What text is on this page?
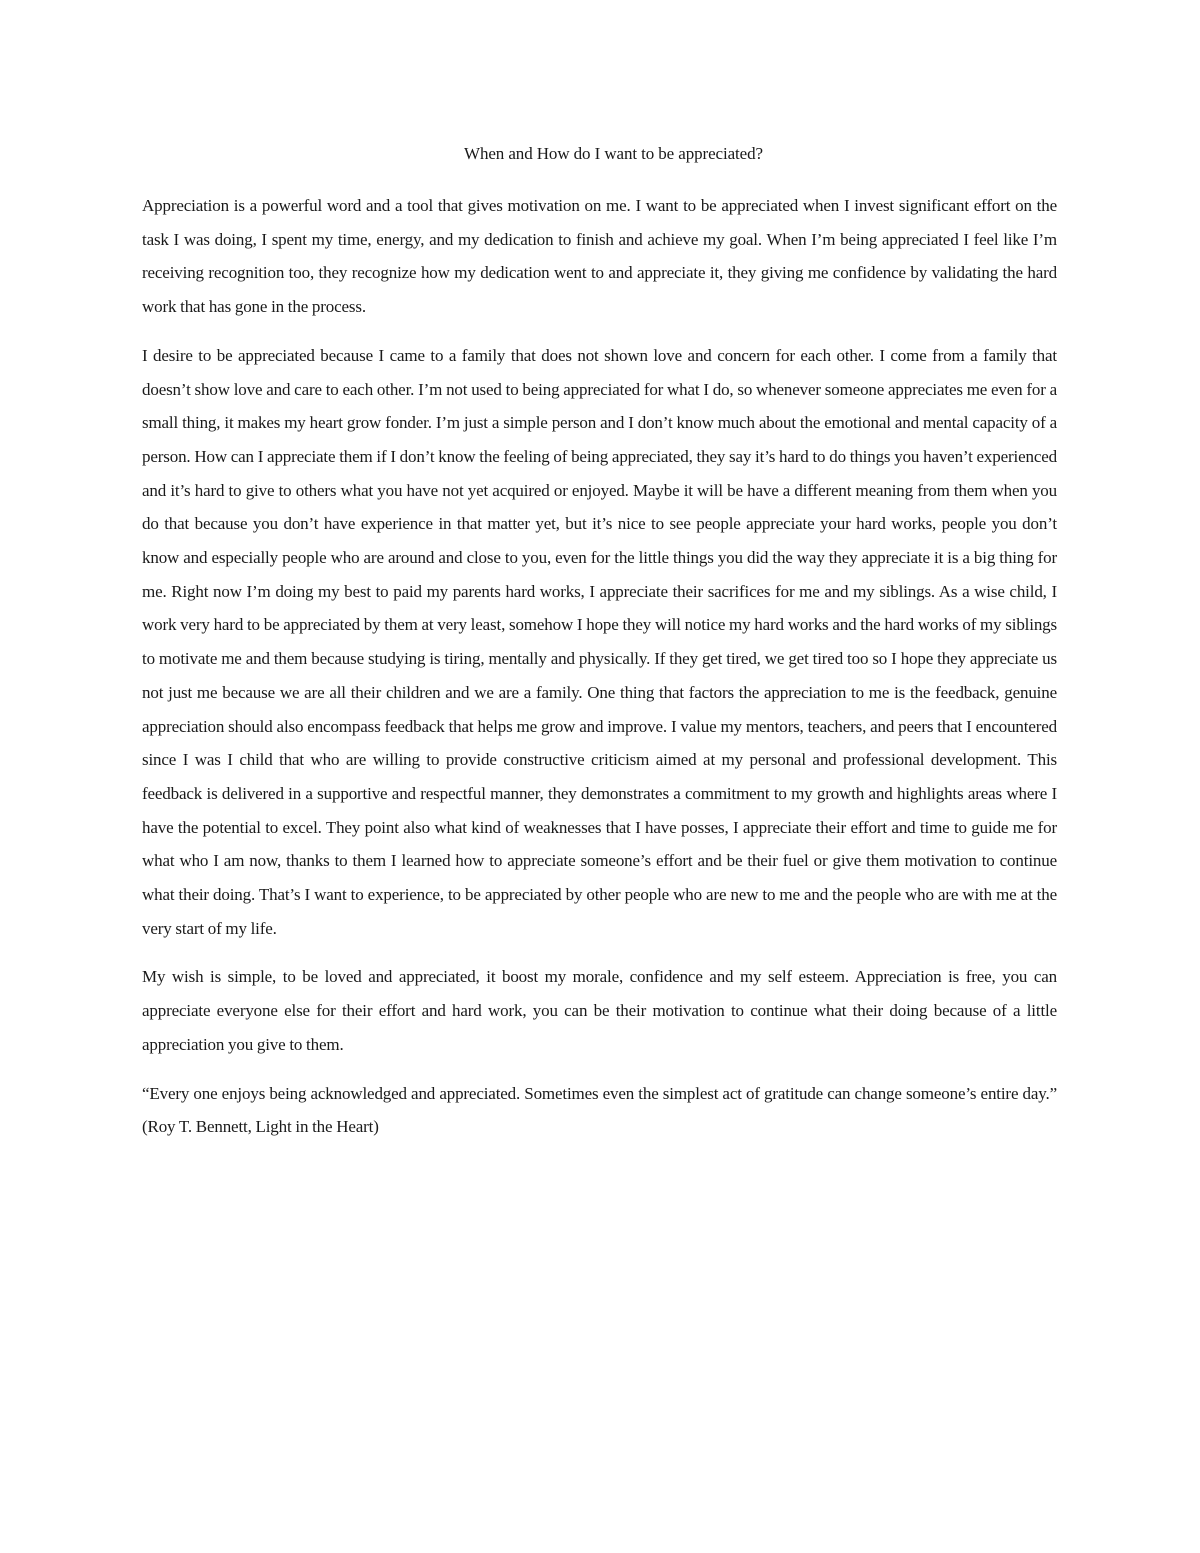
When and How do I want to be appreciated?

Appreciation is a powerful word and a tool that gives motivation on me. I want to be appreciated when I invest significant effort on the task I was doing, I spent my time, energy, and my dedication to finish and achieve my goal. When I’m being appreciated I feel like I’m receiving recognition too, they recognize how my dedication went to and appreciate it, they giving me confidence by validating the hard work that has gone in the process.

I desire to be appreciated because I came to a family that does not shown love and concern for each other. I come from a family that doesn’t show love and care to each other. I’m not used to being appreciated for what I do, so whenever someone appreciates me even for a small thing, it makes my heart grow fonder. I’m just a simple person and I don’t know much about the emotional and mental capacity of a person. How can I appreciate them if I don’t know the feeling of being appreciated, they say it’s hard to do things you haven’t experienced and it’s hard to give to others what you have not yet acquired or enjoyed. Maybe it will be have a different meaning from them when you do that because you don’t have experience in that matter yet, but it’s nice to see people appreciate your hard works, people you don’t know and especially people who are around and close to you, even for the little things you did the way they appreciate it is a big thing for me. Right now I’m doing my best to paid my parents hard works, I appreciate their sacrifices for me and my siblings. As a wise child, I work very hard to be appreciated by them at very least, somehow I hope they will notice my hard works and the hard works of my siblings to motivate me and them because studying is tiring, mentally and physically. If they get tired, we get tired too so I hope they appreciate us not just me because we are all their children and we are a family. One thing that factors the appreciation to me is the feedback, genuine appreciation should also encompass feedback that helps me grow and improve. I value my mentors, teachers, and peers that I encountered since I was I child that who are willing to provide constructive criticism aimed at my personal and professional development. This feedback is delivered in a supportive and respectful manner, they demonstrates a commitment to my growth and highlights areas where I have the potential to excel. They point also what kind of weaknesses that I have posses, I appreciate their effort and time to guide me for what who I am now, thanks to them I learned how to appreciate someone’s effort and be their fuel or give them motivation to continue what their doing. That’s I want to experience, to be appreciated by other people who are new to me and the people who are with me at the very start of my life.

My wish is simple, to be loved and appreciated, it boost my morale, confidence and my self esteem. Appreciation is free, you can appreciate everyone else for their effort and hard work, you can be their motivation to continue what their doing because of a little appreciation you give to them.

“Every one enjoys being acknowledged and appreciated. Sometimes even the simplest act of gratitude can change someone’s entire day.” (Roy T. Bennett, Light in the Heart)
